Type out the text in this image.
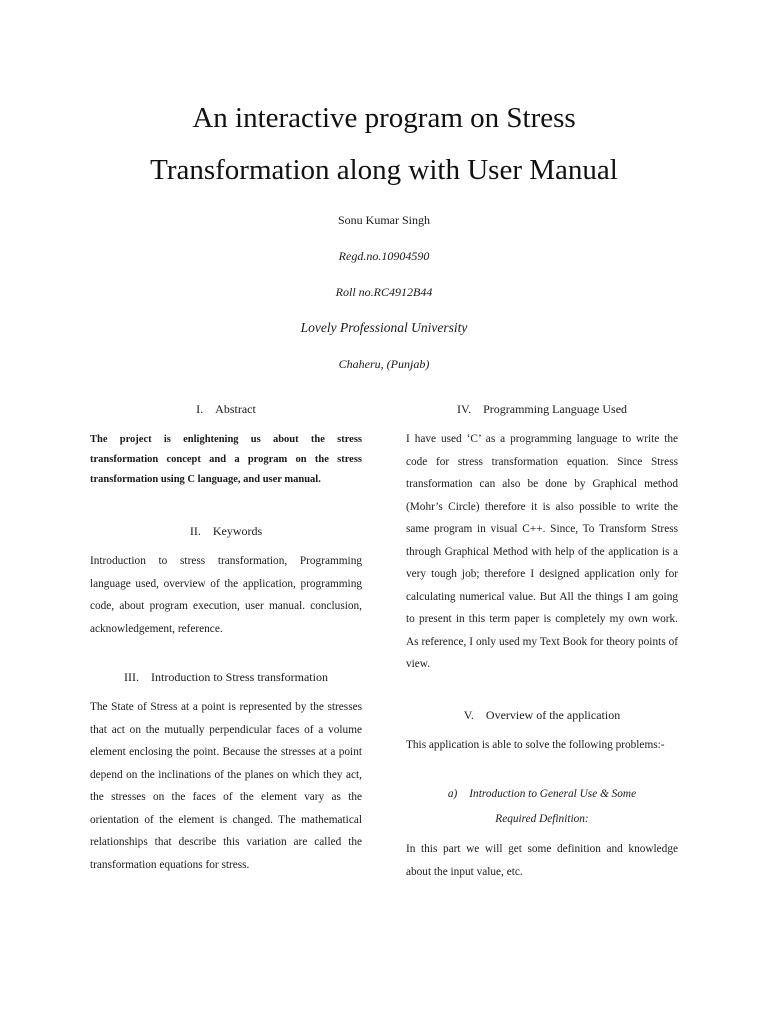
An interactive program on Stress
Transformation along with User Manual
Sonu Kumar Singh
Regd.no.10904590
Roll no.RC4912B44
Lovely Professional University
Chaheru, (Punjab)
I. Abstract

The project is enlightening us about the stress transformation concept and a program on the stress transformation using C language, and user manual.

II. Keywords

Introduction to stress transformation, Programming language used, overview of the application, programming code, about program execution, user manual. conclusion, acknowledgement, reference.

III. Introduction to Stress transformation

The State of Stress at a point is represented by the stresses that act on the mutually perpendicular faces of a volume element enclosing the point. Because the stresses at a point depend on the inclinations of the planes on which they act, the stresses on the faces of the element vary as the orientation of the element is changed. The mathematical relationships that describe this variation are called the transformation equations for stress.

IV. Programming Language Used

I have used ‘C’ as a programming language to write the code for stress transformation equation. Since Stress transformation can also be done by Graphical method (Mohr’s Circle) therefore it is also possible to write the same program in visual C++. Since, To Transform Stress through Graphical Method with help of the application is a very tough job; therefore I designed application only for calculating numerical value. But All the things I am going to present in this term paper is completely my own work. As reference, I only used my Text Book for theory points of view.

V. Overview of the application

This application is able to solve the following problems:-

a) Introduction to General Use & Some
Required Definition:

In this part we will get some definition and knowledge about the input value, etc.
